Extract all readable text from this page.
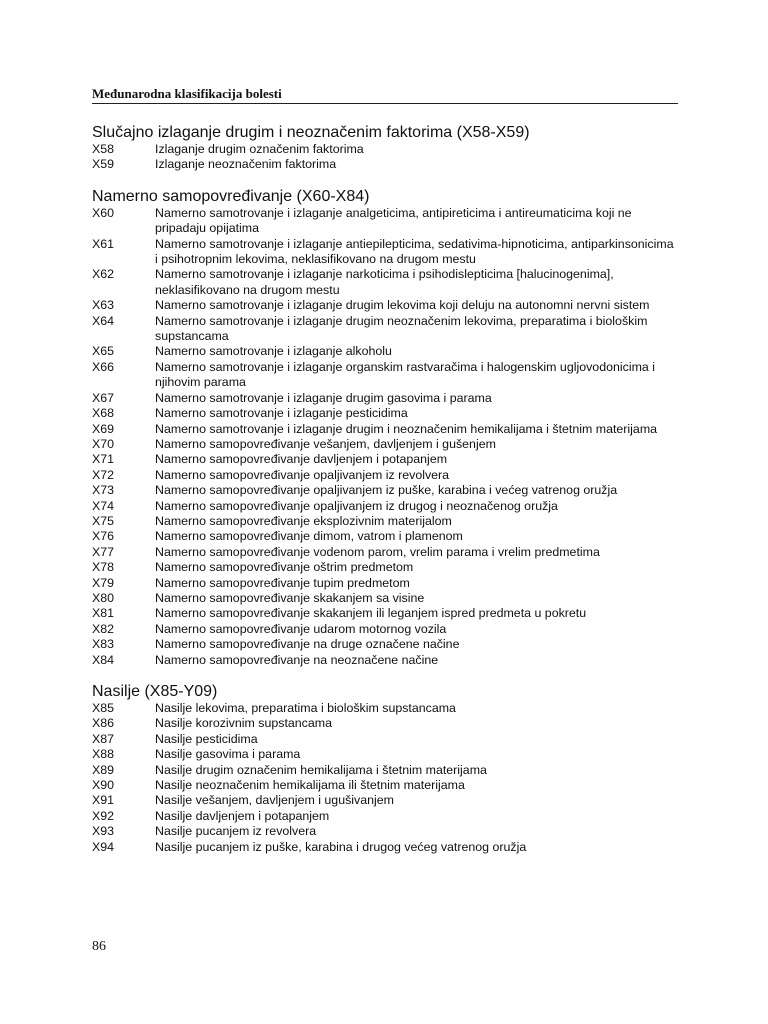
Međunarodna klasifikacija bolesti
Slučajno izlaganje drugim i neoznačenim faktorima (X58-X59)
X58	Izlaganje drugim označenim faktorima
X59	Izlaganje neoznačenim faktorima
Namerno samopovređivanje (X60-X84)
X60	Namerno samotrovanje i izlaganje analgeticima, antipireticima i antireumaticima koji ne pripadaju opijatima
X61	Namerno samotrovanje i izlaganje antiepilepticima, sedativima-hipnoticima, antiparkinsonicima i psihotropnim lekovima, neklasifikovano na drugom mestu
X62	Namerno samotrovanje i izlaganje narkoticima i psihodislepticima [halucinogenima], neklasifikovano na drugom mestu
X63	Namerno samotrovanje i izlaganje drugim lekovima koji deluju na autonomni nervni sistem
X64	Namerno samotrovanje i izlaganje drugim neoznačenim lekovima, preparatima i biološkim supstancama
X65	Namerno samotrovanje i izlaganje alkoholu
X66	Namerno samotrovanje i izlaganje organskim rastvaračima i halogenskim ugljovodonicima i njihovim parama
X67	Namerno samotrovanje i izlaganje drugim gasovima i parama
X68	Namerno samotrovanje i izlaganje pesticidima
X69	Namerno samotrovanje i izlaganje drugim i neoznačenim hemikalijama i štetnim materijama
X70	Namerno samopovređivanje vešanjem, davljenjem i gušenjem
X71	Namerno samopovređivanje davljenjem i potapanjem
X72	Namerno samopovređivanje opaljivanjem iz revolvera
X73	Namerno samopovređivanje opaljivanjem iz puške, karabina i većeg vatrenog oružja
X74	Namerno samopovređivanje opaljivanjem iz drugog i neoznačenog oružja
X75	Namerno samopovređivanje eksplozivnim materijalom
X76	Namerno samopovređivanje dimom, vatrom i plamenom
X77	Namerno samopovređivanje vodenom parom, vrelim parama i vrelim predmetima
X78	Namerno samopovređivanje oštrim predmetom
X79	Namerno samopovređivanje tupim predmetom
X80	Namerno samopovređivanje skakanjem sa visine
X81	Namerno samopovređivanje skakanjem ili leganjem ispred predmeta u pokretu
X82	Namerno samopovređivanje udarom motornog vozila
X83	Namerno samopovređivanje na druge označene načine
X84	Namerno samopovređivanje na neoznačene načine
Nasilje (X85-Y09)
X85	Nasilje lekovima, preparatima i biološkim supstancama
X86	Nasilje korozivnim supstancama
X87	Nasilje pesticidima
X88	Nasilje gasovima i parama
X89	Nasilje drugim označenim hemikalijama i štetnim materijama
X90	Nasilje neoznačenim hemikalijama ili štetnim materijama
X91	Nasilje vešanjem, davljenjem i ugušivanjem
X92	Nasilje davljenjem i potapanjem
X93	Nasilje pucanjem iz revolvera
X94	Nasilje pucanjem iz puške, karabina i drugog većeg vatrenog oružja
86
